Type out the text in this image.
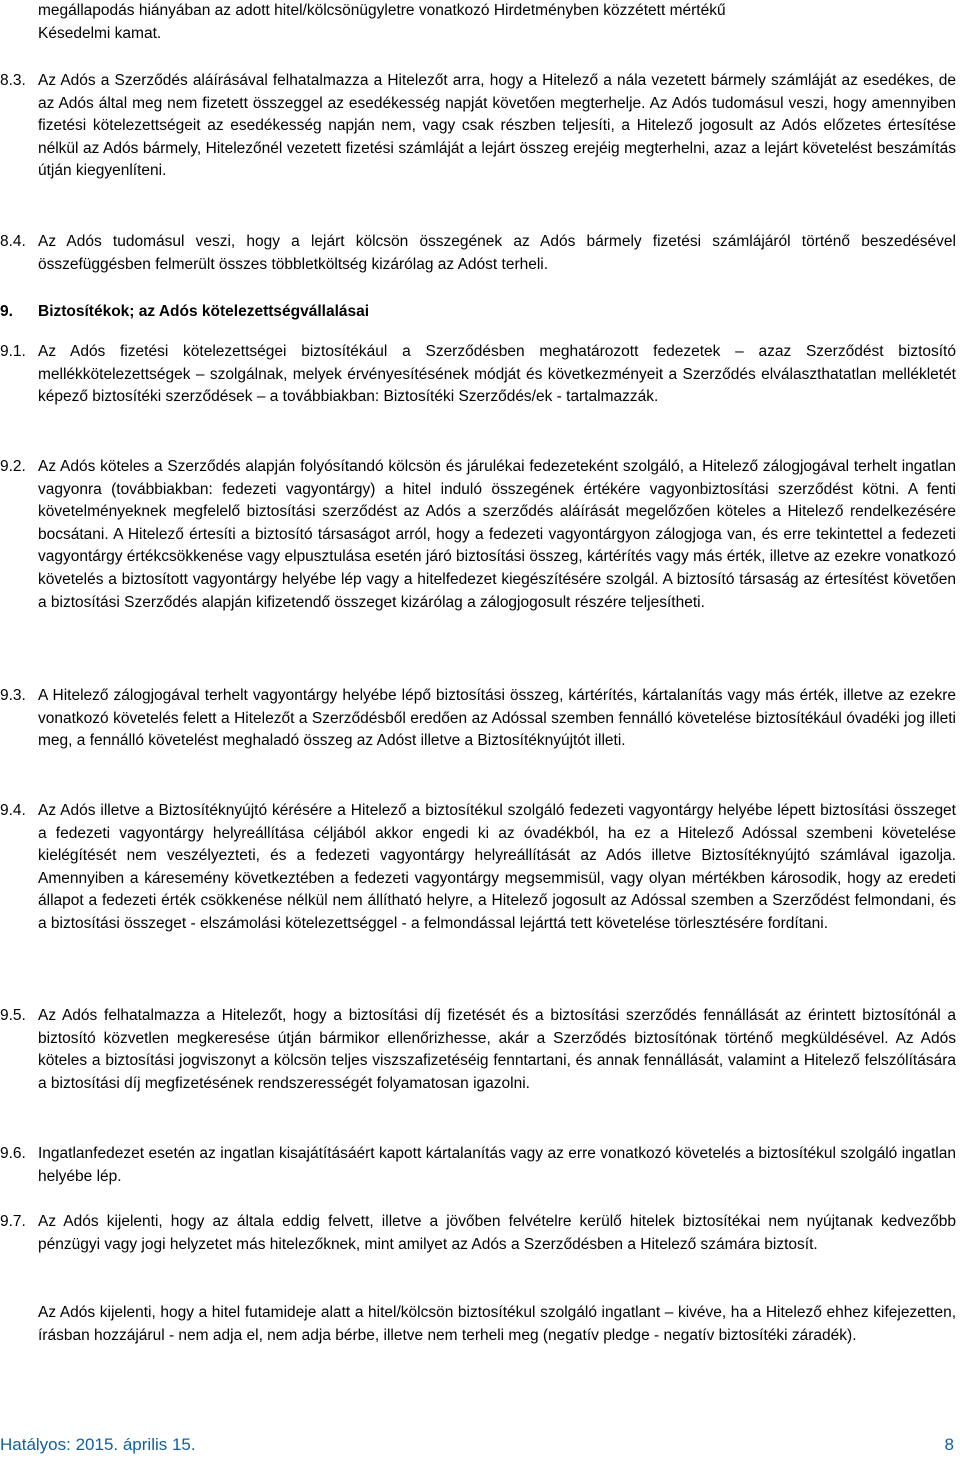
megállapodás hiányában az adott hitel/kölcsönügyletre vonatkozó Hirdetményben közzétett mértékű
Késedelmi kamat.
8.3. Az Adós a Szerződés aláírásával felhatalmazza a Hitelezőt arra, hogy a Hitelező a nála vezetett bármely számláját az esedékes, de az Adós által meg nem fizetett összeggel az esedékesség napját követően megterhelje. Az Adós tudomásul veszi, hogy amennyiben fizetési kötelezettségeit az esedékesség napján nem, vagy csak részben teljesíti, a Hitelező jogosult az Adós előzetes értesítése nélkül az Adós bármely, Hitelezőnél vezetett fizetési számláját a lejárt összeg erejéig megterhelni, azaz a lejárt követelést beszámítás útján kiegyenlíteni.
8.4. Az Adós tudomásul veszi, hogy a lejárt kölcsön összegének az Adós bármely fizetési számlájáról történő beszedésével összefüggésben felmerült összes többletköltség kizárólag az Adóst terheli.
9.	Biztosítékok; az Adós kötelezettségvállalásai
9.1. Az Adós fizetési kötelezettségei biztosítékául a Szerződésben meghatározott fedezetek – azaz Szerződést biztosító mellékkötelezettségek – szolgálnak, melyek érvényesítésének módját és következményeit a Szerződés elválaszthatatlan mellékletét képező biztosítéki szerződések – a továbbiakban: Biztosítéki Szerződés/ek - tartalmazzák.
9.2. Az Adós köteles a Szerződés alapján folyósítandó kölcsön és járulékai fedezeteként szolgáló, a Hitelező zálogjogával terhelt ingatlan vagyonra (továbbiakban: fedezeti vagyontárgy) a hitel induló összegének értékére vagyonbiztosítási szerződést kötni. A fenti követelményeknek megfelelő biztosítási szerződést az Adós a szerződés aláírását megelőzően köteles a Hitelező rendelkezésére bocsátani. A Hitelező értesíti a biztosító társaságot arról, hogy a fedezeti vagyontárgyon zálogjoga van, és erre tekintettel a fedezeti vagyontárgy értékcsökkenése vagy elpusztulása esetén járó biztosítási összeg, kártérítés vagy más érték, illetve az ezekre vonatkozó követelés a biztosított vagyontárgy helyébe lép vagy a hitelfedezet kiegészítésére szolgál. A biztosító társaság az értesítést követően a biztosítási Szerződés alapján kifizetendő összeget kizárólag a zálogjogosult részére teljesítheti.
9.3. A Hitelező zálogjogával terhelt vagyontárgy helyébe lépő biztosítási összeg, kártérítés, kártalanítás vagy más érték, illetve az ezekre vonatkozó követelés felett a Hitelezőt a Szerződésből eredően az Adóssal szemben fennálló követelése biztosítékául óvadéki jog illeti meg, a fennálló követelést meghaladó összeg az Adóst illetve a Biztosítéknyújtót illeti.
9.4. Az Adós illetve a Biztosítéknyújtó kérésére a Hitelező a biztosítékul szolgáló fedezeti vagyontárgy helyébe lépett biztosítási összeget a fedezeti vagyontárgy helyreállítása céljából akkor engedi ki az óvadékból, ha ez a Hitelező Adóssal szembeni követelése kielégítését nem veszélyezteti, és a fedezeti vagyontárgy helyreállítását az Adós illetve Biztosítéknyújtó számlával igazolja. Amennyiben a káresemény következtében a fedezeti vagyontárgy megsemmisül, vagy olyan mértékben károsodik, hogy az eredeti állapot a fedezeti érték csökkenése nélkül nem állítható helyre, a Hitelező jogosult az Adóssal szemben a Szerződést felmondani, és a biztosítási összeget - elszámolási kötelezettséggel - a felmondással lejárttá tett követelése törlesztésére fordítani.
9.5. Az Adós felhatalmazza a Hitelezőt, hogy a biztosítási díj fizetését és a biztosítási szerződés fennállását az érintett biztosítónál a biztosító közvetlen megkeresése útján bármikor ellenőrizhesse, akár a Szerződés biztosítónak történő megküldésével. Az Adós köteles a biztosítási jogviszonyt a kölcsön teljes viszszafizetéséig fenntartani, és annak fennállását, valamint a Hitelező felszólítására a biztosítási díj megfizetésének rendszerességét folyamatosan igazolni.
9.6. Ingatlanfedezet esetén az ingatlan kisajátításáért kapott kártalanítás vagy az erre vonatkozó követelés a biztosítékul szolgáló ingatlan helyébe lép.
9.7. Az Adós kijelenti, hogy az általa eddig felvett, illetve a jövőben felvételre kerülő hitelek biztosítékai nem nyújtanak kedvezőbb pénzügyi vagy jogi helyzetet más hitelezőknek, mint amilyet az Adós a Szerződésben a Hitelező számára biztosít.
Az Adós kijelenti, hogy a hitel futamideje alatt a hitel/kölcsön biztosítékul szolgáló ingatlant – kivéve, ha a Hitelező ehhez kifejezetten, írásban hozzájárul - nem adja el, nem adja bérbe, illetve nem terheli meg (negatív pledge - negatív biztosítéki záradék).
Hatályos: 2015. április 15.	8
